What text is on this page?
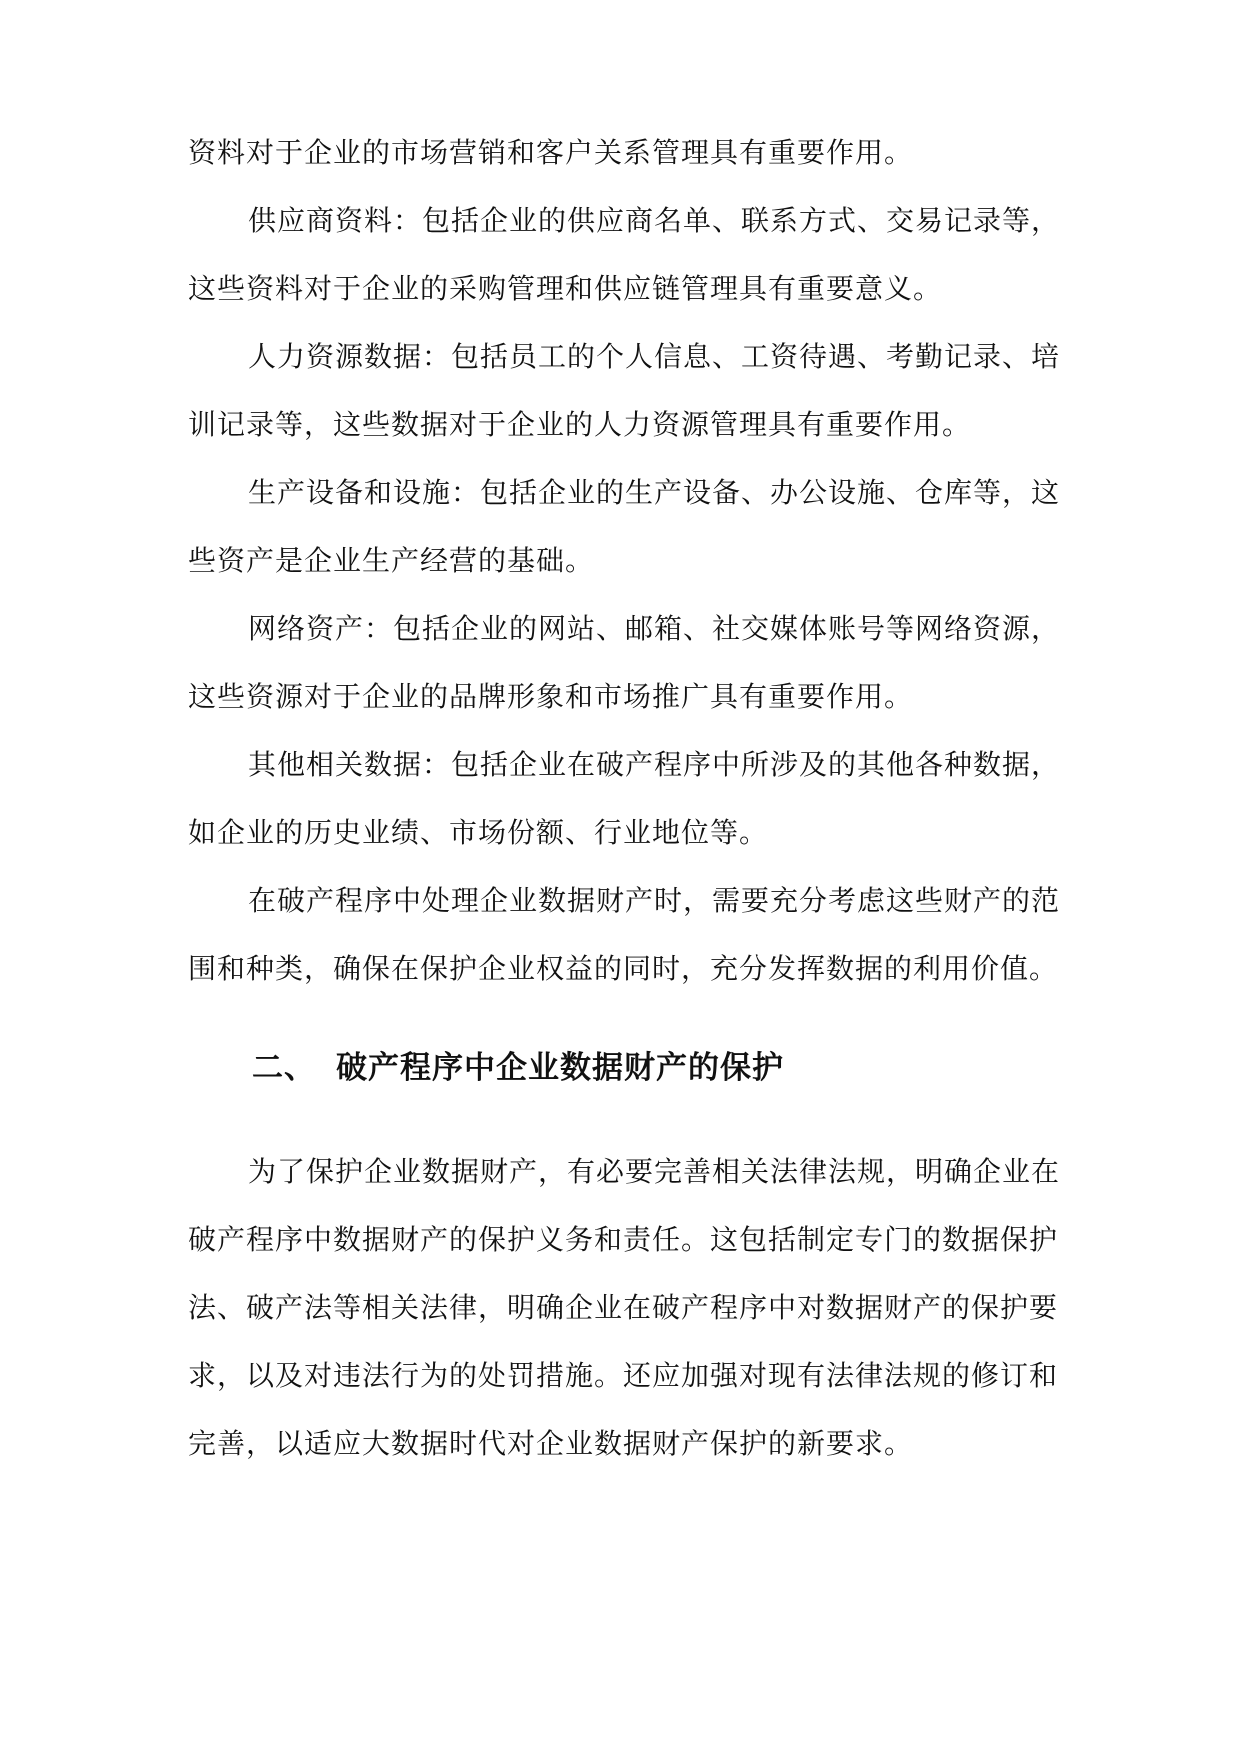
资料对于企业的市场营销和客户关系管理具有重要作用。
供应商资料：包括企业的供应商名单、联系方式、交易记录等，
这些资料对于企业的采购管理和供应链管理具有重要意义。
人力资源数据：包括员工的个人信息、工资待遇、考勤记录、培
训记录等，这些数据对于企业的人力资源管理具有重要作用。
生产设备和设施：包括企业的生产设备、办公设施、仓库等，这
些资产是企业生产经营的基础。
网络资产：包括企业的网站、邮箱、社交媒体账号等网络资源，
这些资源对于企业的品牌形象和市场推广具有重要作用。
其他相关数据：包括企业在破产程序中所涉及的其他各种数据，
如企业的历史业绩、市场份额、行业地位等。
在破产程序中处理企业数据财产时，需要充分考虑这些财产的范
围和种类，确保在保护企业权益的同时，充分发挥数据的利用价值。
二、 破产程序中企业数据财产的保护
为了保护企业数据财产，有必要完善相关法律法规，明确企业在
破产程序中数据财产的保护义务和责任。这包括制定专门的数据保护
法、破产法等相关法律，明确企业在破产程序中对数据财产的保护要
求，以及对违法行为的处罚措施。还应加强对现有法律法规的修订和
完善，以适应大数据时代对企业数据财产保护的新要求。
